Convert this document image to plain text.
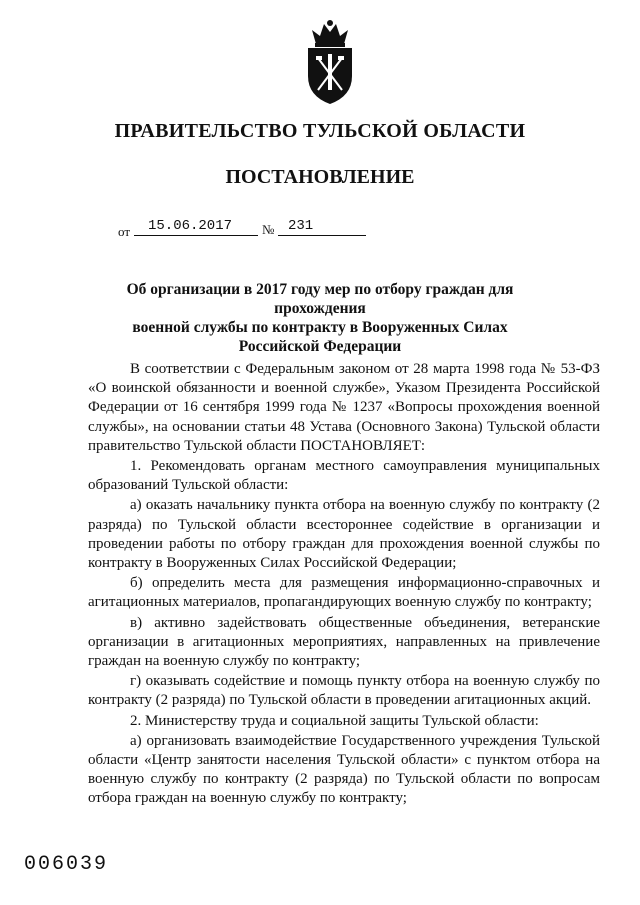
ПРАВИТЕЛЬСТВО ТУЛЬСКОЙ ОБЛАСТИ
ПОСТАНОВЛЕНИЕ
от	15.06.2017	№ 231
Об организации в 2017 году мер по отбору граждан для прохождения
военной службы по контракту в Вооруженных Силах
Российской Федерации

В соответствии с Федеральным законом от 28 марта 1998 года № 53-ФЗ «О воинской обязанности и военной службе», Указом Президента Российской Федерации от 16 сентября 1999 года № 1237 «Вопросы прохождения военной службы», на основании статьи 48 Устава (Основного Закона) Тульской области правительство Тульской области ПОСТАНОВЛЯЕТ:

1. Рекомендовать органам местного самоуправления муниципальных образований Тульской области:

а) оказать начальнику пункта отбора на военную службу по контракту (2 разряда) по Тульской области всестороннее содействие в организации и проведении работы по отбору граждан для прохождения военной службы по контракту в Вооруженных Силах Российской Федерации;

б) определить места для размещения информационно-справочных и агитационных материалов, пропагандирующих военную службу по контракту;

в) активно задействовать общественные объединения, ветеранские организации в агитационных мероприятиях, направленных на привлечение граждан на военную службу по контракту;

г) оказывать содействие и помощь пункту отбора на военную службу по контракту (2 разряда) по Тульской области в проведении агитационных акций.

2. Министерству труда и социальной защиты Тульской области:

а) организовать взаимодействие Государственного учреждения Тульской области «Центр занятости населения Тульской области» с пунктом отбора на военную службу по контракту (2 разряда) по Тульской области по вопросам отбора граждан на военную службу по контракту;

006039
